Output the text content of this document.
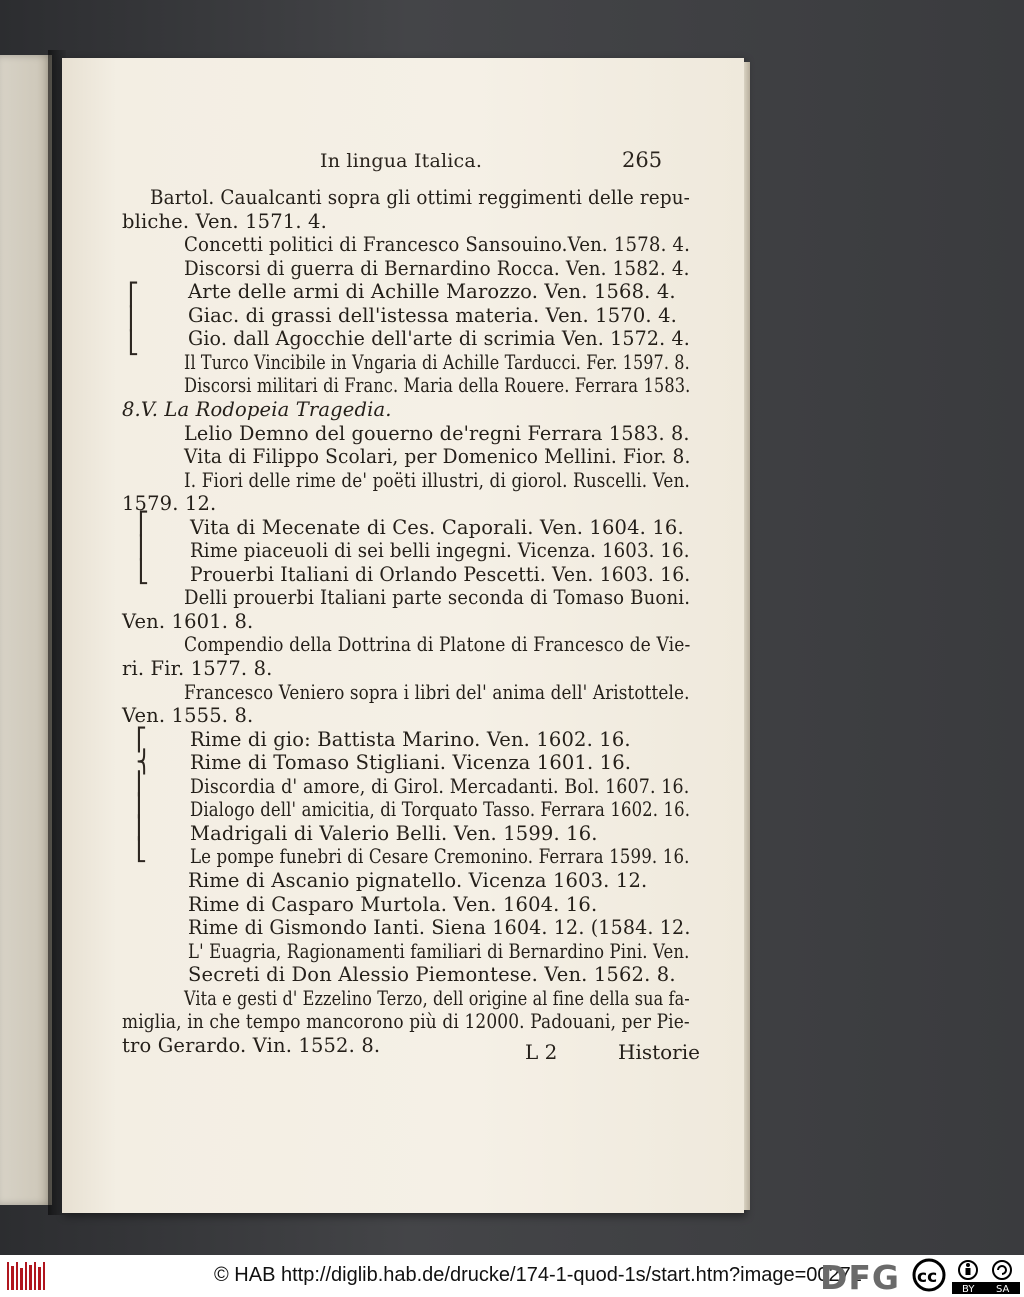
In lingua Italica.	265
Bartol. Caualcanti sopra gli ottimi reggimenti delle repu-
bliche. Ven. 1571. 4.
Concetti politici di Francesco Sansouino.Ven. 1578. 4.
Discorsi di guerra di Bernardino Rocca. Ven. 1582. 4.
Arte delle armi di Achille Marozzo. Ven. 1568. 4.
Giac. di grassi dell'istessa materia. Ven. 1570. 4.
Gio. dall Agocchie dell'arte di scrimia Ven. 1572. 4.
Il Turco Vincibile in Vngaria di Achille Tarducci. Fer. 1597. 8.
Discorsi militari di Franc. Maria della Rouere. Ferrara 1583.
8.V. La Rodopeia Tragedia.
Lelio Demno del gouerno de'regni Ferrara 1583. 8.
Vita di Filippo Scolari, per Domenico Mellini. Fior. 8.
I. Fiori delle rime de' poëti illustri, di giorol. Ruscelli. Ven.
1579. 12.
Vita di Mecenate di Ces. Caporali. Ven. 1604. 16.
Rime piaceuoli di sei belli ingegni. Vicenza. 1603. 16.
Prouerbi Italiani di Orlando Pescetti. Ven. 1603. 16.
Delli prouerbi Italiani parte seconda di Tomaso Buoni.
Ven. 1601. 8.
Compendio della Dottrina di Platone di Francesco de Vie-
ri. Fir. 1577. 8.
Francesco Veniero sopra i libri del' anima dell' Aristottele.
Ven. 1555. 8.
Rime di gio: Battista Marino. Ven. 1602. 16.
Rime di Tomaso Stigliani. Vicenza 1601. 16.
Discordia d' amore, di Girol. Mercadanti. Bol. 1607. 16.
Dialogo dell' amicitia, di Torquato Tasso. Ferrara 1602. 16.
Madrigali di Valerio Belli. Ven. 1599. 16.
Le pompe funebri di Cesare Cremonino. Ferrara 1599. 16.
Rime di Ascanio pignatello. Vicenza 1603. 12.
Rime di Casparo Murtola. Ven. 1604. 16.
Rime di Gismondo Ianti. Siena 1604. 12. (1584. 12.
L' Euagria, Ragionamenti familiari di Bernardino Pini. Ven.
Secreti di Don Alessio Piemontese. Ven. 1562. 8.
Vita e gesti d' Ezzelino Terzo, dell origine al fine della sua fa-
miglia, in che tempo mancorono più di 12000. Padouani, per Pie-
tro Gerardo. Vin. 1552. 8.
⎡
⎢
⎣
⎡
⎢
⎣
⎡
⎨
⎢
⎢
⎢
⎣
L 2	Historie
© HAB http://diglib.hab.de/drucke/174-1-quod-1s/start.htm?image=00271
DFG cc
BY SA
